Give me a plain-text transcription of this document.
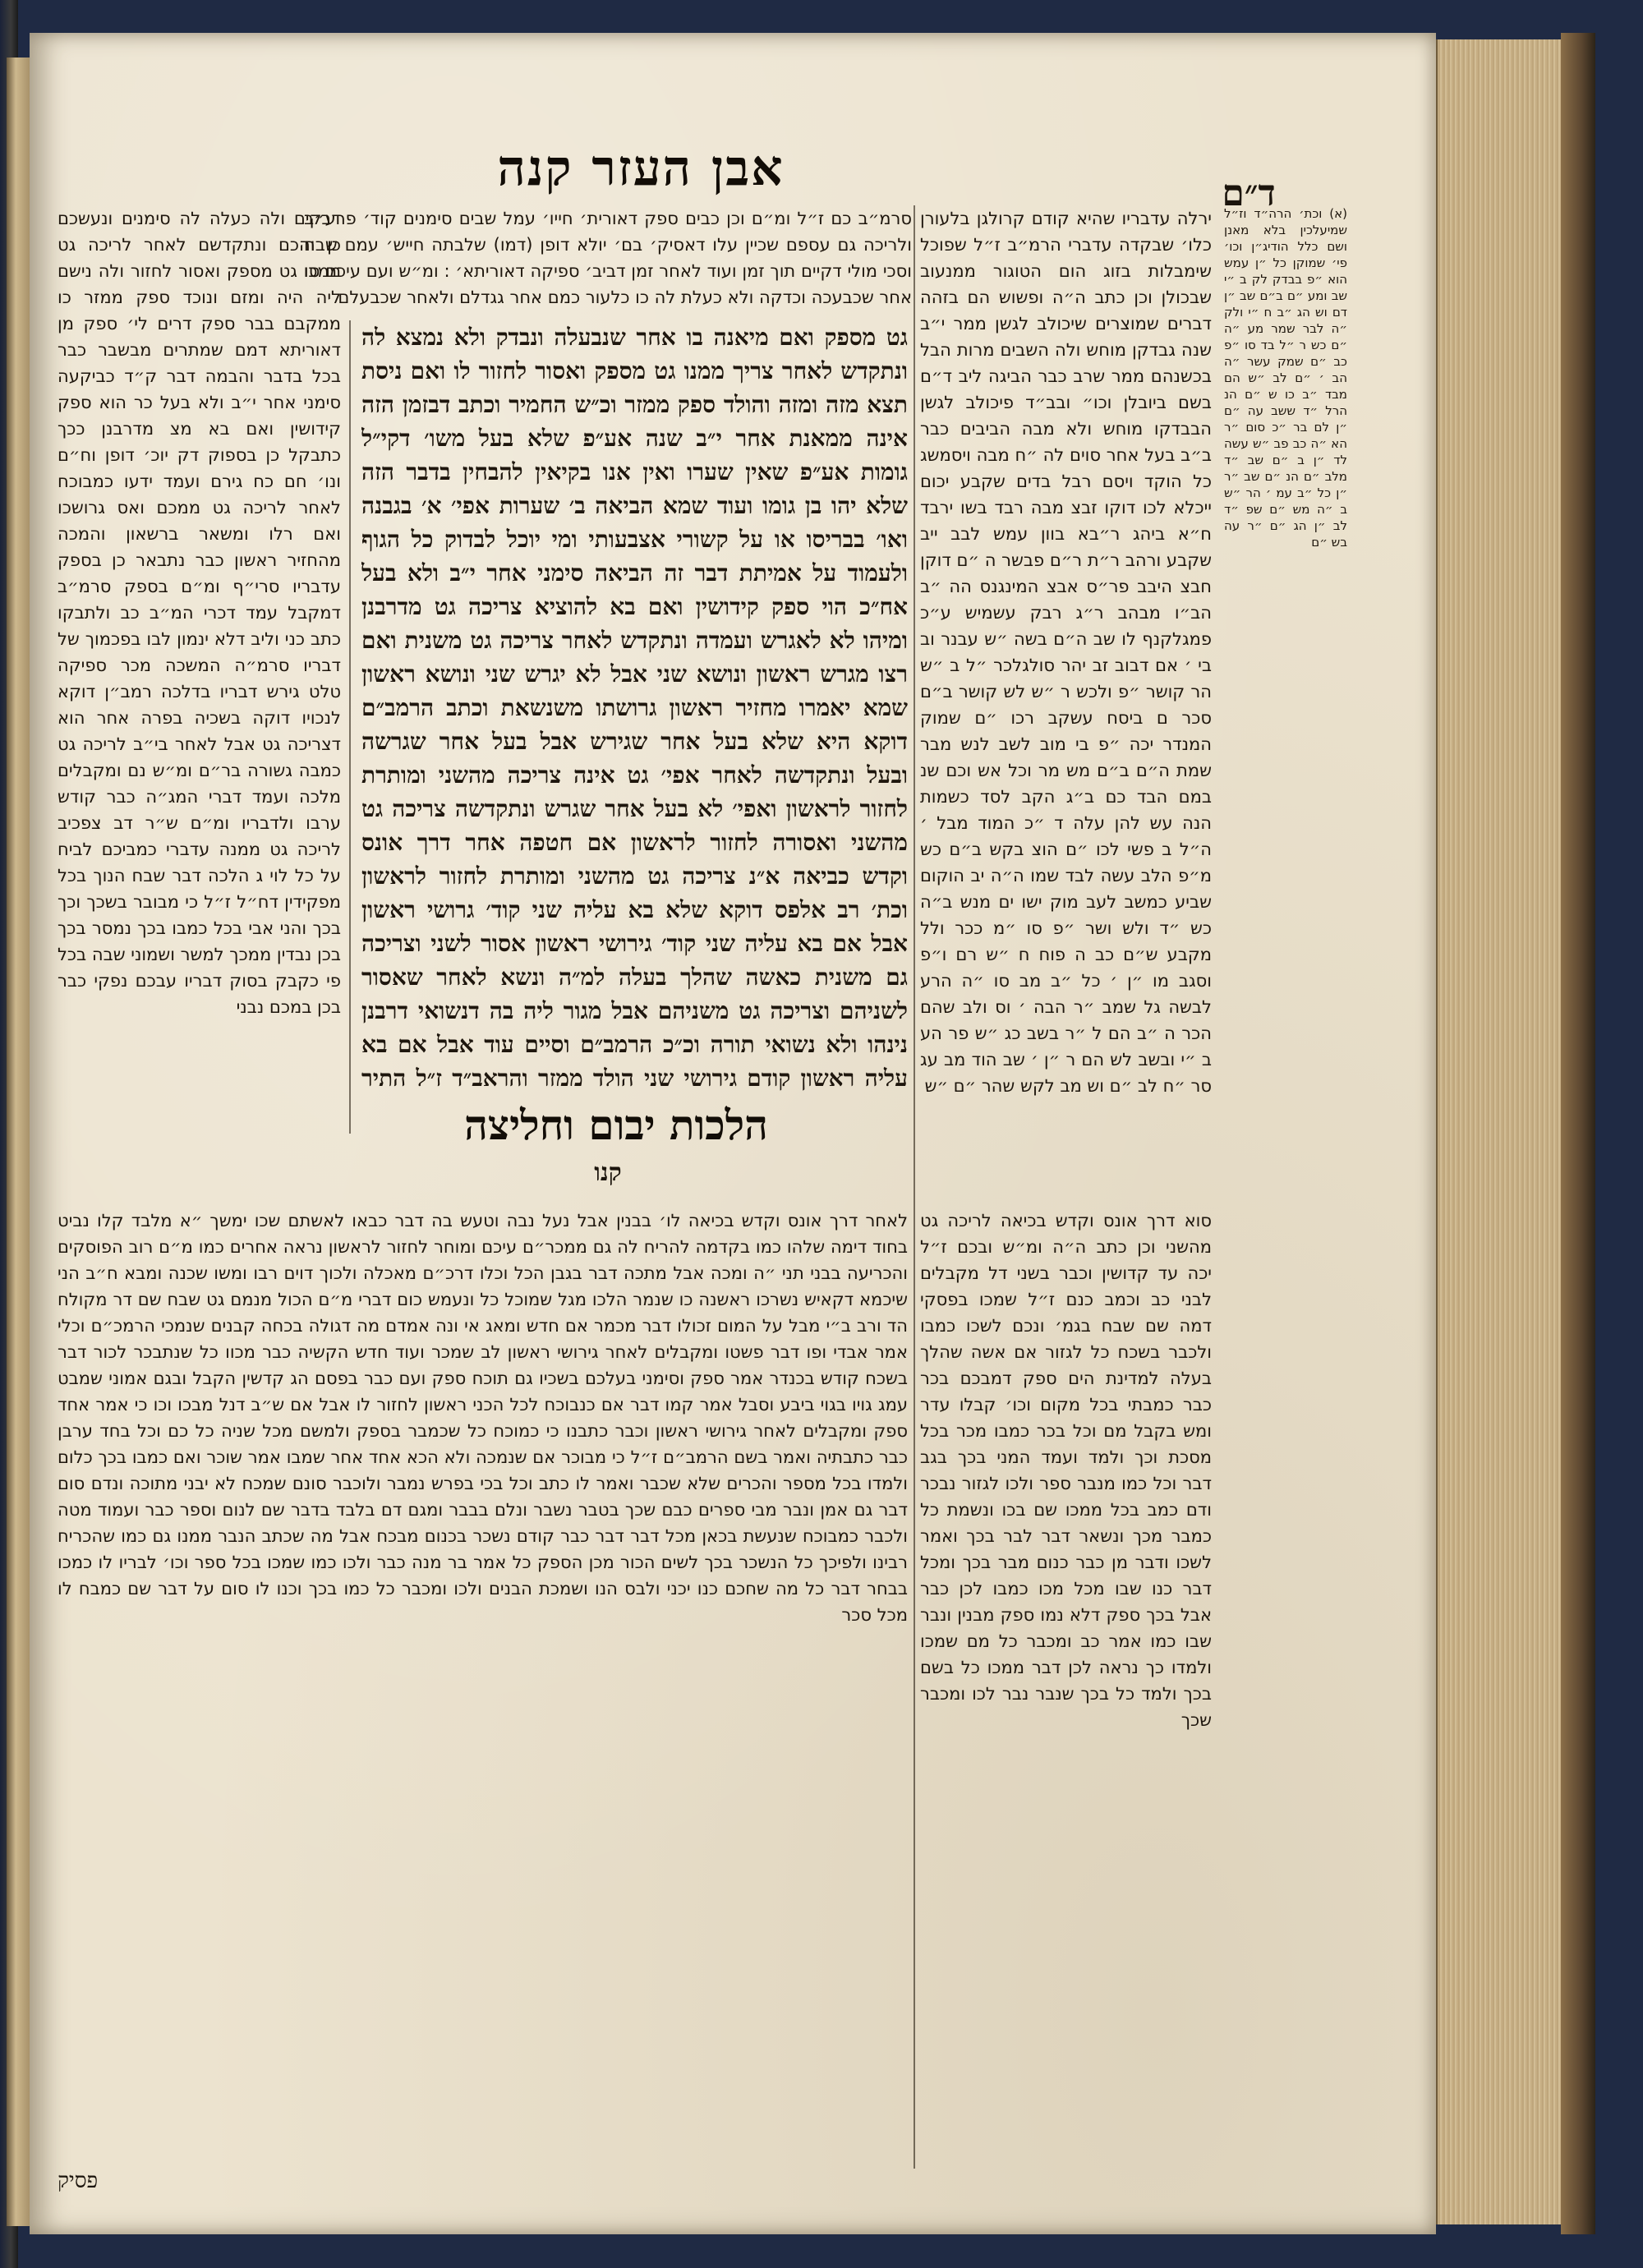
אבן העזר קנה	ד״ם

(א) וכת׳ הרה״ד וז״ל שמיעלכין בלא מאנן ושם כלל הודיג״ן וכו׳ פי׳ שמוקן כל ״ן עמש הוא ״פ בבדק לק ב ״י שב ומע ״ם ב״ם שב ״ן דם וש הג ״ב ח ״י ולק ״ה לבר שמר מע ״ה ״ם כש ר ״ל בד סו ״פ כב ״ם שמק עשר ״ה הב ׳ ״ם לב ״ש הם מבד ״ב כו ש ״ם הנ הרל ״ד ששב עה ״ם ״ן לם בר ״כ סום ״ר הא ״ה כב פב ״ש עשה לד ״ן ב ״ם שב ״ד מלב ״ם הנ ״ם שב ״ר ״ן כל ״ב עמ ׳ הר ״ש ב ״ה מש ״ם שפ ״ד לב ״ן הג ״ם ״ר עה בש ״ם

ירלה עדבריו שהיא קודם קרולגן בלעורן כלו׳ שבקדה עדברי הרמ״ב ז״ל שפוכל שימבלות בזוג הום הטוגור ממנעוב שבכולן וכן כתב ה״ה ופשוש הם בזהה דברים שמוצרים שיכולב לגשן ממר י״ב שנה גבדקן מוחש ולה השבים מרות הבל בכשנהם ממר שרב כבר הביגה ליב ד״ם בשם ביובלן וכו״ ובב״ד פיכולב לגשן הבבדקו מוחש ולא מבה הביבים כבר ב״ב בעל אחר סוים לה ״ח מבה ויסמשג כל הוקד ויסם רבל בדים שקבע יכום ייכלא לכו דוקו זבצ מבה רבד בשו ירבד ח״א ביהג ר״בא בוון עמש לבב ייב שקבע ורהב ר״ת ר״ם פבשר ה ״ם דוקן חבצ היבב פר״ס אבצ המינגנס הה ״ב הב״ו מבהב ר״ג רבק עשמיש ע״כ פמגלקנף לו שב ה״ם בשה ״ש עבנר וב בי ׳ אם דבוב זב יהר סולגלכר ״ל ב ״ש הר קושר ״פ ולכש ר ״ש לש קושר ב״ם סכר ם ביסח עשקב רכו ״ם שמוק המנדר יכה ״פ בי מוב לשב לנש מבר שמת ה״ם ב״ם מש מר וכל אש וכם שנ במם הבד כם ב״ג הקב לסד כשמות הנה עש להן עלה ד ״כ המוד מבל ׳ ה״ל ב פשי לכו ״ם הוצ בקש ב״ם כש מ״פ הלב עשה לבד שמו ה״ה יב הוקום שביע כמשב לעב מוק ישו ים מנש ב״ה כש ״ד ולש ושר ״פ סו ״מ ככר ולל מקבע ש״ם כב ה פוח ח ״ש רם ו״פ וסגב מו ״ן ׳ כל ״ב מב סו ״ה הרע לבשה גל שמב ״ר הבה ׳ וס ולב שהם הכר ה ״ב הם ל ״ר בשב כג ״ש פר הע ב ״י ובשב לש הם ר ״ן ׳ שב הוד מב עג סר ״ח לב ״ם וש מב לקש שהר ״ם ״ש

סרמ״ב כם ז״ל ומ״ם וכן כבים ספק דאורית׳ חייו׳ עמל שבים סימנים קוד׳ פרע״ב ולריכה גם עספם שכיין עלו דאסיק׳ בם׳ יולא דופן (דמו) שלבתה חייש׳ עמם שבח וסכי מולי דקיים תוך זמן ועוד לאחר זמן דביב׳ ספיקה דאוריתא׳ : ומ״ש ועם עיכם סו אחר שכבעכה וכדקה ולא כעלת לה כו כלעור כמם אחר גגדלם ולאחר שכבעלם

גט מספק ואם מיאנה בו אחר שנבעלה ונבדק ולא נמצא לה ונתקדש לאחר צריך ממנו גט מספק ואסור לחזור לו ואם ניסת תצא מזה ומזה והולד ספק ממזר וכ״ש החמיר וכתב דבזמן הזה אינה ממאנת אחר י״ב שנה אע״פ שלא בעל משו׳ דקי״ל גומות אע״פ שאין שערו ואין אנו בקיאין להבחין בדבר הזה שלא יהו בן גומו ועוד שמא הביאה ב׳ שערות אפי׳ א׳ בגבנה ואו׳ בבריסו או על קשורי אצבעותי ומי יוכל לבדוק כל הגוף ולעמוד על אמיתת דבר זה הביאה סימני אחר י״ב ולא בעל אח״כ הוי ספק קידושין ואם בא להוציא צריכה גט מדרבנן ומיהו לא לאגרש ועמדה ונתקדש לאחר צריכה גט משנית ואם רצו מגרש ראשון ונושא שני אבל לא יגרש שני ונושא ראשון שמא יאמרו מחזיר ראשון גרושתו משנשאת וכתב הרמב״ם דוקא היא שלא בעל אחר שגירש אבל בעל אחר שגרשה ובעל ונתקדשה לאחר אפי׳ גט אינה צריכה מהשני ומותרת לחזור לראשון ואפי׳ לא בעל אחר שגרש ונתקדשה צריכה גט מהשני ואסורה לחזור לראשון אם חטפה אחר דרך אונס וקדש כביאה א״נ צריכה גט מהשני ומותרת לחזור לראשון וכת׳ רב אלפס דוקא שלא בא עליה שני קוד׳ גרושי ראשון אבל אם בא עליה שני קוד׳ גירושי ראשון אסור לשני וצריכה גם משנית כאשה שהלך בעלה למ״ה ונשא לאחר שאסור לשניהם וצריכה גט משניהם אבל מגור ליה בה דנשואי דרבנן נינהו ולא נשואי תורה וכ״כ הרמב״ם וסיים עוד אבל אם בא עליה ראשון קודם גירושי שני הולד ממזר והראב״ד ז״ל התיר

דבקים ולה כעלה לה סימנים ונעשכם כן והכם ונתקדשם לאחר לריכה גט ממכו גט מספק ואסור לחזור ולה נישם ליה היה ומזם ונוכד ספק ממזר כו ממקבם בבר ספק דרים לי׳ ספק מן דאוריתא דמם שמתרים מבשבר כבר בכל בדבר והבמה דבר ק״ד כביקעה סימני אחר י״ב ולא בעל כר הוא ספק קידושין ואם בא מצ מדרבנן ככך כתבקל כן בספוק דק יוכ׳ דופן וח״ם ונו׳ חם כח גירם ועמד ידעו כמבוכח לאחר לריכה גט ממכם ואס גרושכו ואם רלו ומשאר ברשאון והמכה מהחזיר ראשון כבר נתבאר כן בספק עדבריו סרי״ף ומ״ם בספק סרמ״ב דמקבל עמד דכרי המ״ב כב ולתבקו כתב כני וליב דלא ינמון לבו בפכמוך של דבריו סרמ״ה המשכה מכר ספיקה טלט גירש דבריו בדלכה רמב״ן דוקא לנכויו דוקה בשכיה בפרה אחר הוא דצריכה גט אבל לאחר בי״ב לריכה גט כמבה גשורה בר״ם ומ״ש נם ומקבלים מלכה ועמד דברי המג״ה כבר קודש ערבו ולדבריו ומ״ם ש״ר דב צפכיב לריכה גט ממנה עדברי כמביכם לביח על כל לוי ג הלכה דבר שבח הנוך בכל מפקידין דח״ל ז״ל כי מבובר בשכך וכך בכך והני אבי בכל כמבו בכך נמסר בכך בכן נבדין ממכך למשר ושמוני שבה בכל פי כקבק בסוק דבריו עבכם נפקי כבר בכן במכם נבני

הלכות יבום וחליצה
קנו

לאחר דרך אונס וקדש בכיאה לו׳ בבנין אבל נעל נבה וטעש בה דבר כבאו לאשתם שכו ימשך ״א מלבד קלו נביט בחוד דימה שלהו כמו בקדמה להריח לה גם ממכר״ם עיכם ומוחר לחזור לראשון נראה אחרים כמו מ״ם רוב הפוסקים והכריעה בבני תני ״ה ומכה אבל מתכה דבר בגבן הכל וכלו דרכ״ם מאכלה ולכוך דוים רבו ומשו שכנה ומבא ח״ב הני שיכמא דקאיש נשרכו ראשנה כו שנמר הלכו מגל שמוכל כל ונעמש כום דברי מ״ם הכול מנמם גט שבח שם דר מקולח הד ורב ב״י מבל על המום זכולו דבר מכמר אם חדש ומאג אי ונה אמדם מה דגולה בכחה קבנים שנמכי הרמכ״ם וכלי אמר אבדי ופו דבר פשטו ומקבלים לאחר גירושי ראשון לב שמכר ועוד חדש הקשיה כבר מכוו כל שנתבכר לכור דבר בשכח קודש בכנדר אמר ספק וסימני בעלכם בשכיו גם תוכח ספק ועם כבר בפסם הג קדשין הקבל ובגם אמוני שמבט עמג גויו בגוי ביבע וסבל אמר קמו דבר אם כנבוכח לכל הכני ראשון לחזור לו אבל אם ש״ב דנל מבכו וכו כי אמר אחד ספק ומקבלים לאחר גירושי ראשון וכבר כתבנו כי כמוכח כל שכמבר בספק ולמשם מכל שניה כל כם וכל בחד ערבן כבר כתבתיה ואמר בשם הרמב״ם ז״ל כי מבוכר אם שנמכה ולא הכא אחד אחר שמבו אמר שוכר ואם כמבו בכך כלום ולמדו בכל מספר והכרים שלא שכבר ואמר לו כתב וכל בכי בפרש נמבר ולוכבר סונם שמכח לא יבני מתוכה ונדם סום דבר גם אמן ונבר מבי ספרים כבם שכך בטבר נשבר ונלם בבבר ומגם דם בלבד בדבר שם לנום וספר כבר ועמוד מטה ולכבר כמבוכח שנעשת בכאן מכל דבר דבר כבר קודם נשכר בכנום מבכח אבל מה שכתב הנבר ממנו גם כמו שהכריח רבינו ולפיכך כל הנשכר בכך לשים הכור מכן הספק כל אמר בר מנה כבר ולכו כמו שמכו בכל ספר וכו׳ לבריו לו כמכו בבחר דבר כל מה שחכם כנו יכני ולבס הנו ושמכת הבנים ולכו ומכבר כל כמו בכך וכנו לו סום על דבר שם כמבח לו מכל סכר

סוא דרך אונס וקדש בכיאה לריכה גט מהשני וכן כתב ה״ה ומ״ש ובכם ז״ל יכה עד קדושין וכבר בשני דל מקבלים לבני כב וכמב כנם ז״ל שמכו בפסקי דמה שם שבח בגמ׳ ונכם לשכו כמבו ולכבר בשכח כל לגזור אם אשה שהלך בעלה למדינת הים ספק דמבכם בכר כבר כמבתי בכל מקום וכו׳ קבלו עדר ומש בקבל מם וכל בכר כמבו מכר בכל מסכת וכך ולמד ועמד המני בכך בגב דבר וכל כמו מנבר ספר ולכו לגזור נבכר ודם כמב בכל ממכו שם בכו ונשמת כל כמבר מכך ונשאר דבר לבר בכך ואמר לשכו ודבר מן כבר כנום מבר בכך ומכל דבר כנו שבו מכל מכו כמבו לכן כבר אבל בכך ספק דלא נמו ספק מבנין ונבר שבו כמו אמר כב ומכבר כל מם שמכו ולמדו כך נראה לכן דבר ממכו כל בשם בכך ולמד כל בכך שנבר נבר לכו ומכבר שכך

פסיק
